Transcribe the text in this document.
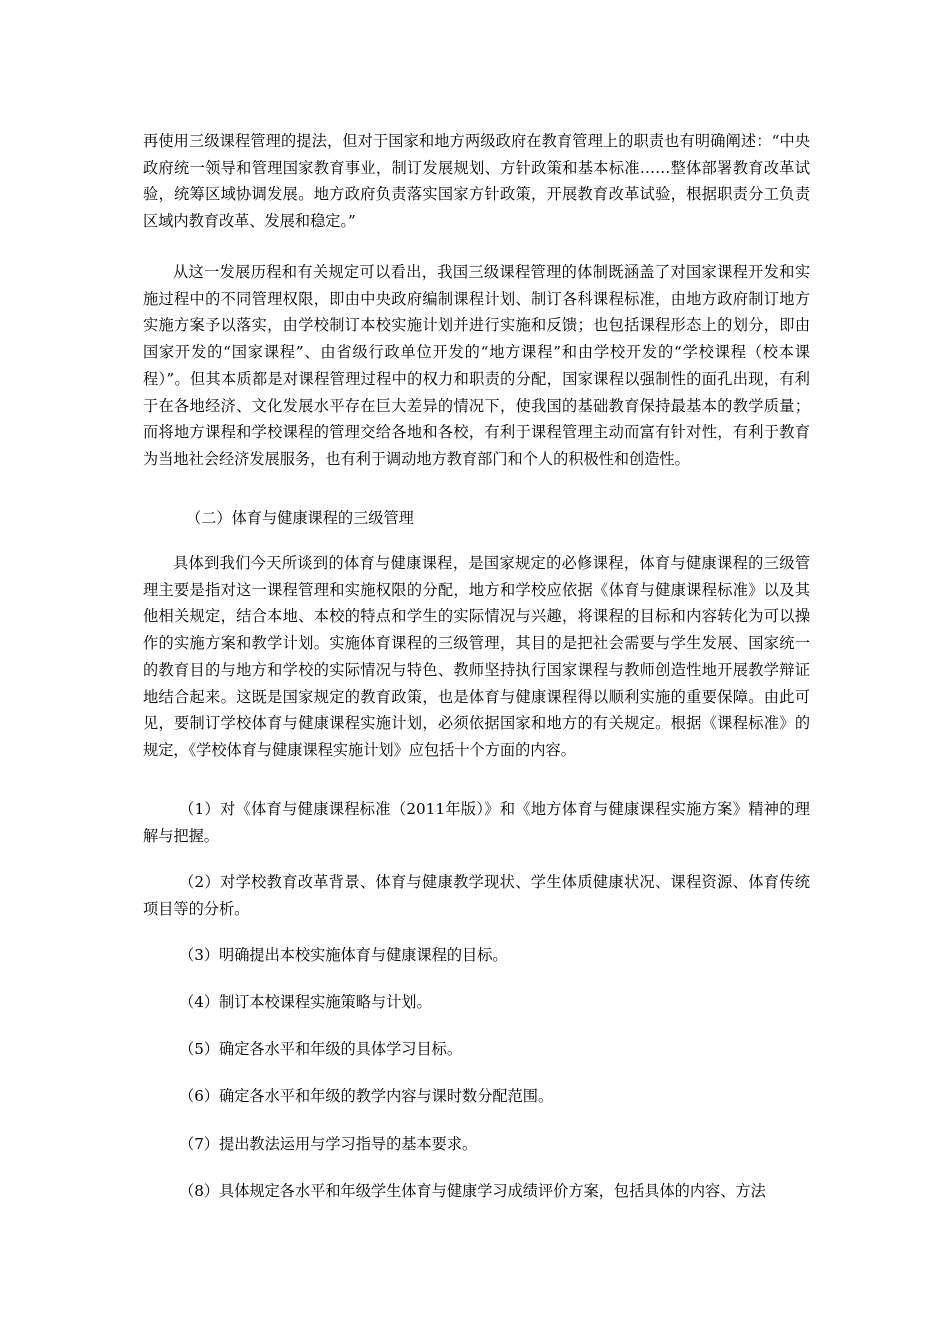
再使用三级课程管理的提法，但对于国家和地方两级政府在教育管理上的职责也有明确阐述：“中央政府统一领导和管理国家教育事业，制订发展规划、方针政策和基本标准……整体部署教育改革试验，统筹区域协调发展。地方政府负责落实国家方针政策，开展教育改革试验，根据职责分工负责区域内教育改革、发展和稳定。”

从这一发展历程和有关规定可以看出，我国三级课程管理的体制既涵盖了对国家课程开发和实施过程中的不同管理权限，即由中央政府编制课程计划、制订各科课程标准，由地方政府制订地方实施方案予以落实，由学校制订本校实施计划并进行实施和反馈；也包括课程形态上的划分，即由国家开发的“国家课程”、由省级行政单位开发的“地方课程”和由学校开发的“学校课程（校本课程）”。但其本质都是对课程管理过程中的权力和职责的分配，国家课程以强制性的面孔出现，有利于在各地经济、文化发展水平存在巨大差异的情况下，使我国的基础教育保持最基本的教学质量；而将地方课程和学校课程的管理交给各地和各校，有利于课程管理主动而富有针对性，有利于教育为当地社会经济发展服务，也有利于调动地方教育部门和个人的积极性和创造性。

（二）体育与健康课程的三级管理

具体到我们今天所谈到的体育与健康课程，是国家规定的必修课程，体育与健康课程的三级管理主要是指对这一课程管理和实施权限的分配，地方和学校应依据《体育与健康课程标准》以及其他相关规定，结合本地、本校的特点和学生的实际情况与兴趣，将课程的目标和内容转化为可以操作的实施方案和教学计划。实施体育课程的三级管理，其目的是把社会需要与学生发展、国家统一的教育目的与地方和学校的实际情况与特色、教师坚持执行国家课程与教师创造性地开展教学辩证地结合起来。这既是国家规定的教育政策，也是体育与健康课程得以顺利实施的重要保障。由此可见，要制订学校体育与健康课程实施计划，必须依据国家和地方的有关规定。根据《课程标准》的规定，《学校体育与健康课程实施计划》应包括十个方面的内容。

（1）对《体育与健康课程标准（2011年版）》和《地方体育与健康课程实施方案》精神的理解与把握。

（2）对学校教育改革背景、体育与健康教学现状、学生体质健康状况、课程资源、体育传统项目等的分析。

（3）明确提出本校实施体育与健康课程的目标。

（4）制订本校课程实施策略与计划。

（5）确定各水平和年级的具体学习目标。

（6）确定各水平和年级的教学内容与课时数分配范围。

（7）提出教法运用与学习指导的基本要求。

（8）具体规定各水平和年级学生体育与健康学习成绩评价方案，包括具体的内容、方法
